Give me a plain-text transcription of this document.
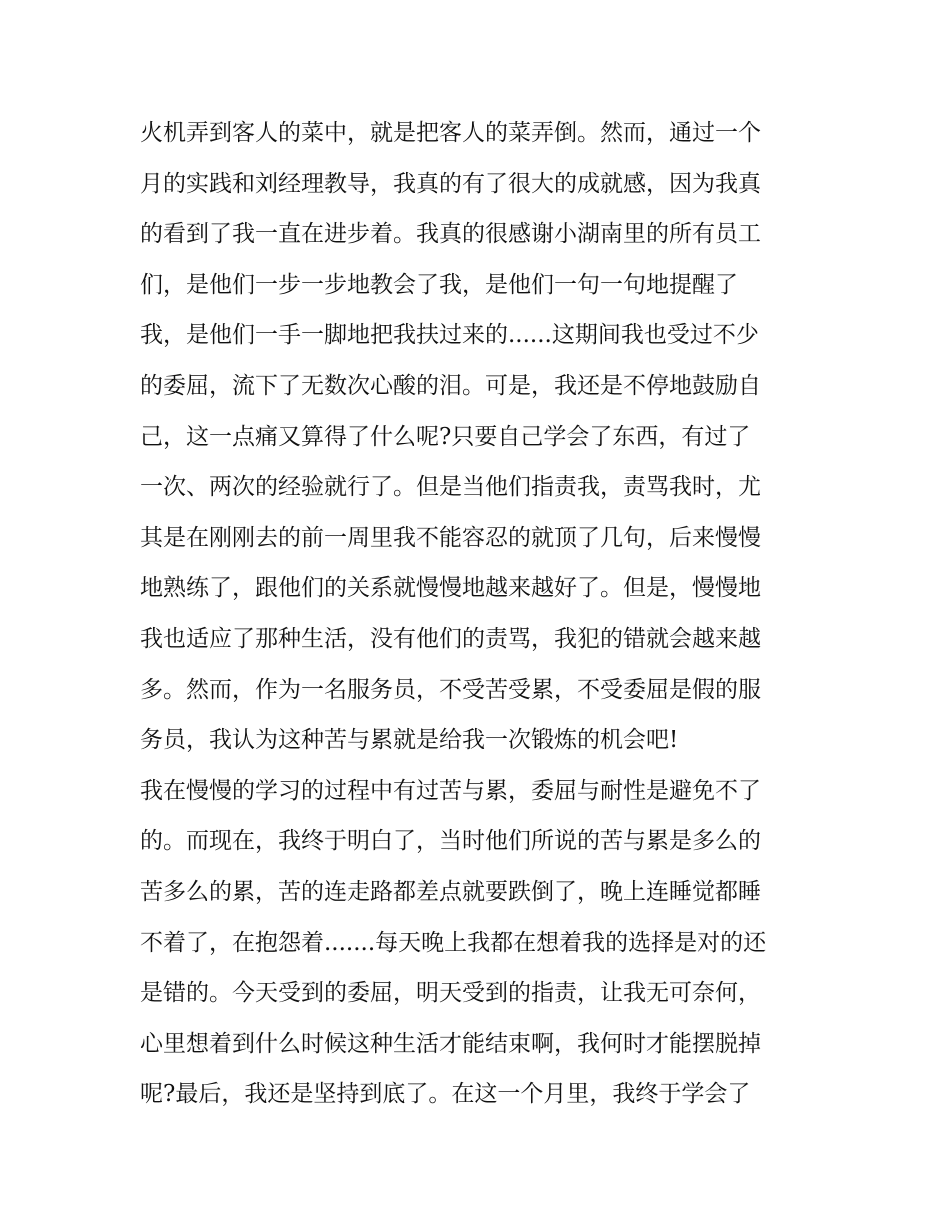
火机弄到客人的菜中，就是把客人的菜弄倒。然而，通过一个
月的实践和刘经理教导，我真的有了很大的成就感，因为我真
的看到了我一直在进步着。我真的很感谢小湖南里的所有员工
们，是他们一步一步地教会了我，是他们一句一句地提醒了
我，是他们一手一脚地把我扶过来的......这期间我也受过不少
的委屈，流下了无数次心酸的泪。可是，我还是不停地鼓励自
己，这一点痛又算得了什么呢?只要自己学会了东西，有过了
一次、两次的经验就行了。但是当他们指责我，责骂我时，尤
其是在刚刚去的前一周里我不能容忍的就顶了几句，后来慢慢
地熟练了，跟他们的关系就慢慢地越来越好了。但是，慢慢地
我也适应了那种生活，没有他们的责骂，我犯的错就会越来越
多。然而，作为一名服务员，不受苦受累，不受委屈是假的服
务员，我认为这种苦与累就是给我一次锻炼的机会吧!
我在慢慢的学习的过程中有过苦与累，委屈与耐性是避免不了
的。而现在，我终于明白了，当时他们所说的苦与累是多么的
苦多么的累，苦的连走路都差点就要跌倒了，晚上连睡觉都睡
不着了，在抱怨着.......每天晚上我都在想着我的选择是对的还
是错的。今天受到的委屈，明天受到的指责，让我无可奈何，
心里想着到什么时候这种生活才能结束啊，我何时才能摆脱掉
呢?最后，我还是坚持到底了。在这一个月里，我终于学会了
